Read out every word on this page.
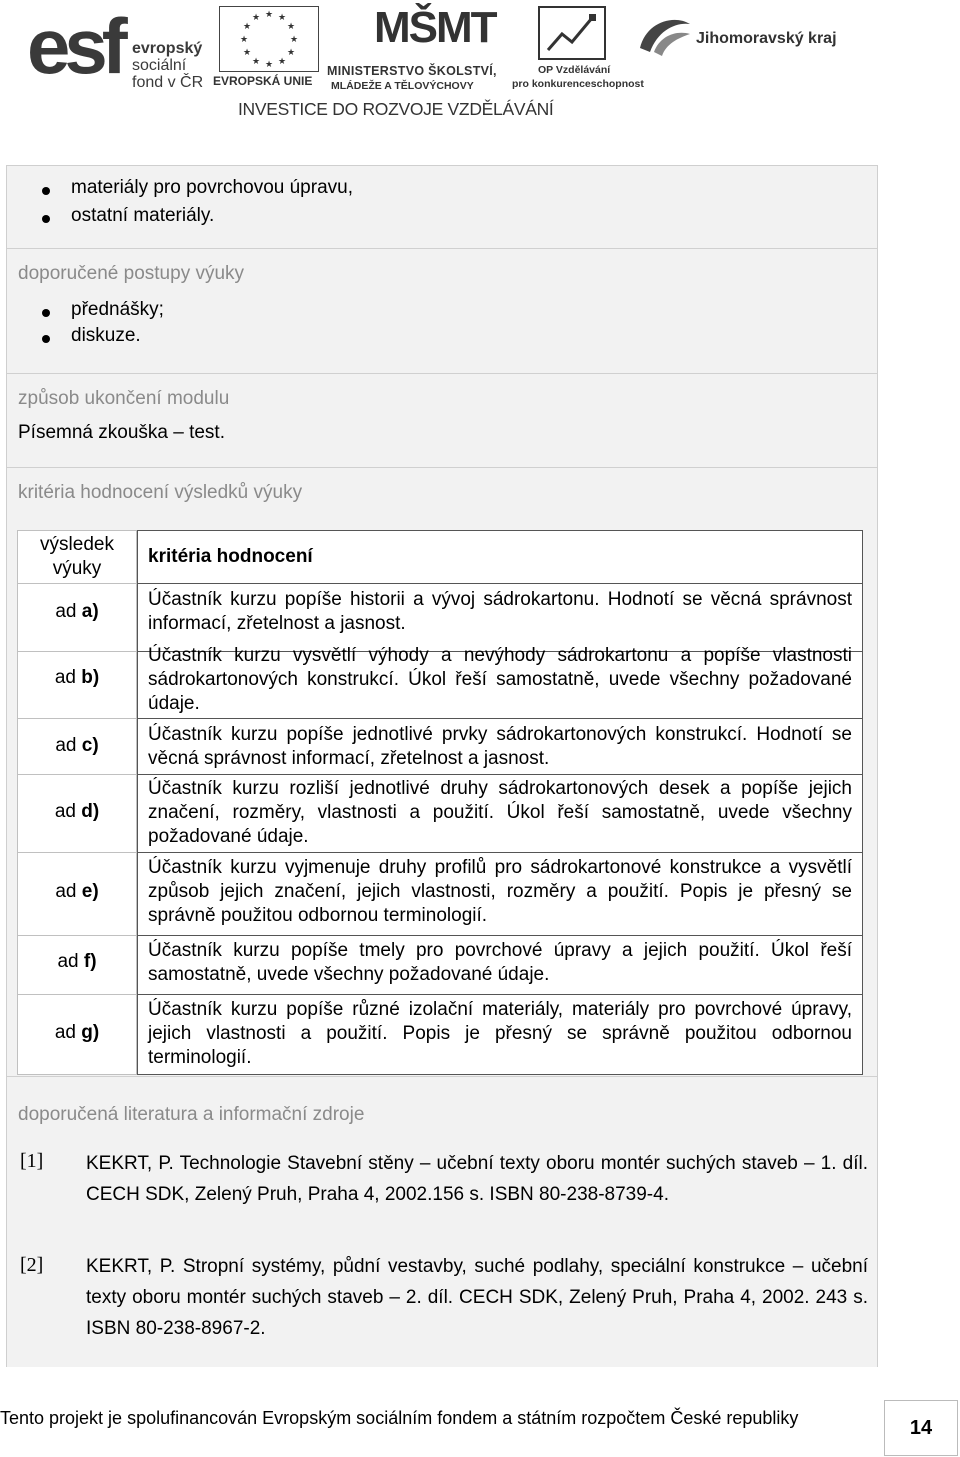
esf evropský
sociální
fond v ČR
★ ★
★
★
★
★
★
★
★
★
★
★
EVROPSKÁ UNIE
MŠMT
MINISTERSTVO ŠKOLSTVÍ,
MLÁDEŽE A TĚLOVÝCHOVY
OP Vzdělávání
pro konkurenceschopnost
Jihomoravský kraj
INVESTICE DO ROZVOJE VZDĚLÁVÁNÍ
materiály pro povrchovou úpravu,
ostatní materiály.
doporučené postupy výuky
přednášky;
diskuze.
způsob ukončení modulu
Písemná zkouška – test.
kritéria hodnocení výsledků výuky
doporučená literatura a informační zdroje
výsledek výuky
kritéria hodnocení
ad a)
ad b)
ad c)
ad d)
ad e)
ad f)
ad g)
Účastník kurzu popíše historii a vývoj sádrokartonu. Hodnotí se věcná správnost informací, zřetelnost a jasnost.
Účastník kurzu vysvětlí výhody a nevýhody sádrokartonu a popíše vlastnosti sádrokartonových konstrukcí. Úkol řeší samostatně, uvede všechny požadované údaje.
Účastník kurzu popíše jednotlivé prvky sádrokartonových konstrukcí. Hodnotí se věcná správnost informací, zřetelnost a jasnost.
Účastník kurzu rozliší jednotlivé druhy sádrokartonových desek a popíše jejich značení, rozměry, vlastnosti a použití. Úkol řeší samostatně, uvede všechny požadované údaje.
Účastník kurzu vyjmenuje druhy profilů pro sádrokartonové konstrukce a vysvětlí způsob jejich značení, jejich vlastnosti, rozměry a použití. Popis je přesný se správně použitou odbornou terminologií.
Účastník kurzu popíše tmely pro povrchové úpravy a jejich použití. Úkol řeší samostatně, uvede všechny požadované údaje.
Účastník kurzu popíše různé izolační materiály, materiály pro povrchové úpravy, jejich vlastnosti a použití. Popis je přesný se správně použitou odbornou terminologií.
[1] KEKRT, P. Technologie Stavební stěny – učební texty oboru montér suchých staveb – 1. díl. CECH SDK, Zelený Pruh, Praha 4, 2002.156 s. ISBN 80-238-8739-4.
[2] KEKRT, P. Stropní systémy, půdní vestavby, suché podlahy, speciální konstrukce – učební texty oboru montér suchých staveb – 2. díl. CECH SDK, Zelený Pruh, Praha 4, 2002. 243 s. ISBN 80-238-8967-2.
Tento projekt je spolufinancován Evropským sociálním fondem a státním rozpočtem České republiky	14
